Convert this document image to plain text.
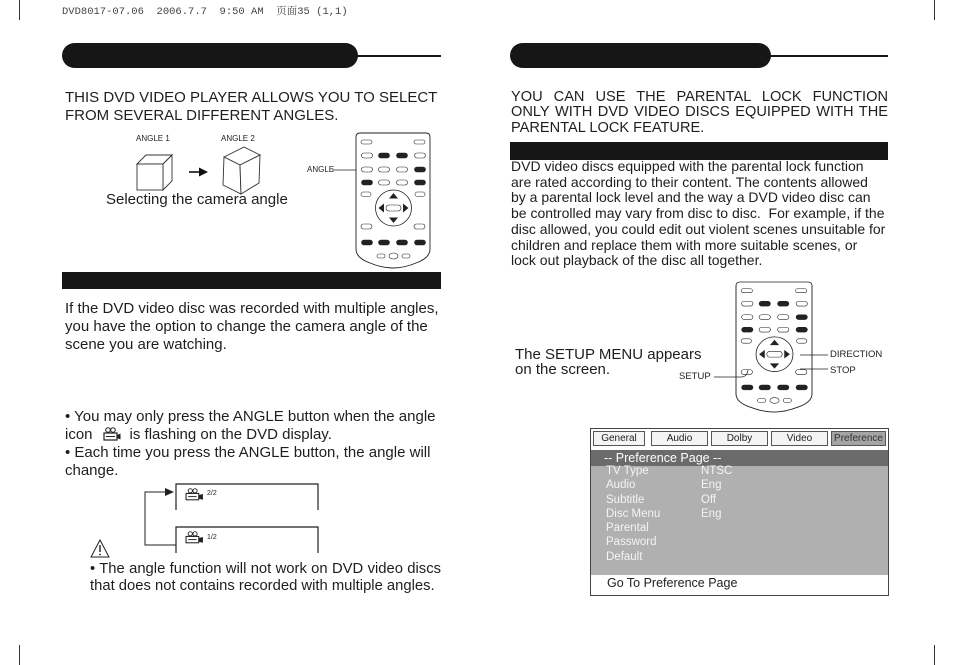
DVD8017-07.06  2006.7.7  9:50 AM  页面35 (1,1)
THIS DVD VIDEO PLAYER ALLOWS YOU TO SELECT
FROM SEVERAL DIFFERENT ANGLES.
ANGLE 1	ANGLE 2
ANGLE
Selecting the camera angle
If the DVD video disc was recorded with multiple angles,
you have the option to change the camera angle of the
scene you are watching.
• You may only press the ANGLE button when the angle
icon is flashing on the DVD display.
• Each time you press the ANGLE button, the angle will
change.
2/2
1/2
• The angle function will not work on DVD video discs
that does not contains recorded with multiple angles.
YOU CAN USE THE PARENTAL LOCK FUNCTION
ONLY WITH DVD VIDEO DISCS EQUIPPED WITH THE
PARENTAL LOCK FEATURE.
DVD video discs equipped with the parental lock function
are rated according to their content. The contents allowed
by a parental lock level and the way a DVD video disc can
be controlled may vary from disc to disc.  For example, if the
disc allowed, you could edit out violent scenes unsuitable for
children and replace them with more suitable scenes, or
lock out playback of the disc all together.
The SETUP MENU appears
on the screen.	SETUP
DIRECTION
STOP
General	Audio	Dolby	Video	Preference
-- Preference Page --
TV Type	NTSC
Audio	Eng
Subtitle	Off
Disc Menu	Eng
Parental
Password
Default
Go To Preference Page
